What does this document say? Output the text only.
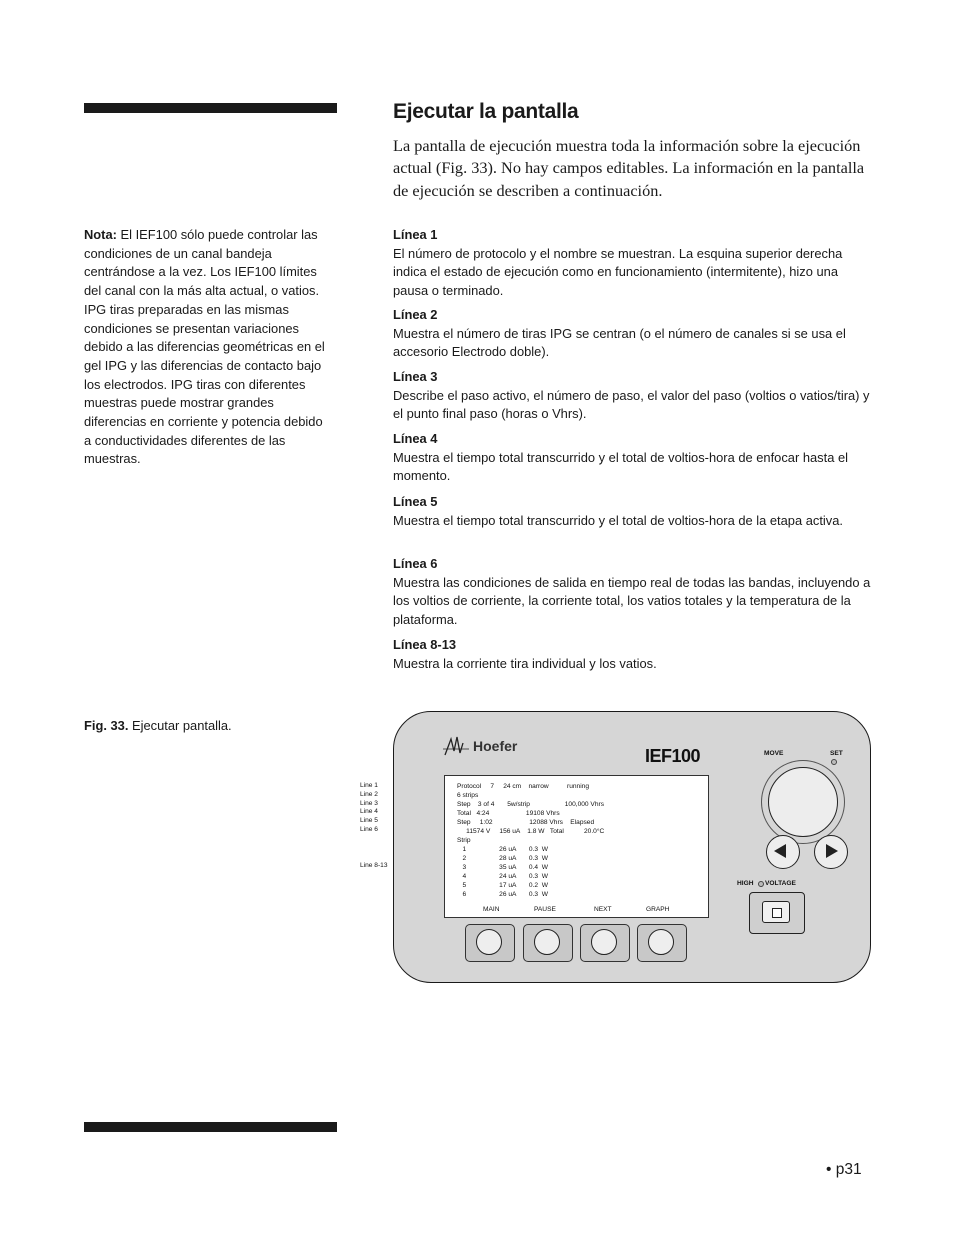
Ejecutar la pantalla

La pantalla de ejecución muestra toda la información sobre la ejecución actual (Fig. 33). No hay campos editables. La información en la pantalla de ejecución se describen a continuación.

Nota: El IEF100 sólo puede controlar las condiciones de un canal bandeja centrándose a la vez. Los IEF100 límites del canal con la más alta actual, o vatios. IPG tiras preparadas en las mismas condiciones se presentan variaciones debido a las diferencias geométricas en el gel IPG y las diferencias de contacto bajo los electrodos. IPG tiras con diferentes muestras puede mostrar grandes diferencias en corriente y potencia debido a conductividades diferentes de las muestras.

Línea 1
El número de protocolo y el nombre se muestran. La esquina superior derecha indica el estado de ejecución como en funcionamiento (intermitente), hizo una pausa o terminado.
Línea 2
Muestra el número de tiras IPG se centran (o el número de canales si se usa el accesorio Electrodo doble).
Línea 3
Describe el paso activo, el número de paso, el valor del paso (voltios o vatios/tira) y el punto final paso (horas o Vhrs).
Línea 4
Muestra el tiempo total transcurrido y el total de voltios-hora de enfocar hasta el momento.
Línea 5
Muestra el tiempo total transcurrido y el total de voltios-hora de la etapa activa.
Línea 6
Muestra las condiciones de salida en tiempo real de todas las bandas, incluyendo a los voltios de corriente, la corriente total, los vatios totales y la temperatura de la plataforma.
Línea 8-13
Muestra la corriente tira individual y los vatios.

Fig. 33. Ejecutar pantalla.

Line 1
Line 2
Line 3
Line 4
Line 5
Line 6
Line 8-13
Hoefer	IEF100
Protocol 7 24 cm narrow	running
6 strips
Step 3 of 4 5w/strip	100,000 Vhrs
Total 4:24	19108 Vhrs
Step 1:02	12088 Vhrs Elapsed
11574 V 156 uA 1.8 W Total	20.0°C
Strip
1	26 uA 0.3  W
2	28 uA 0.3  W
3	35 uA 0.4  W
4	24 uA 0.3  W
5	17 uA 0.2  W
6	26 uA 0.3  W
MAIN	PAUSE	NEXT	GRAPH
MOVE	SET
HIGH VOLTAGE
• p31
